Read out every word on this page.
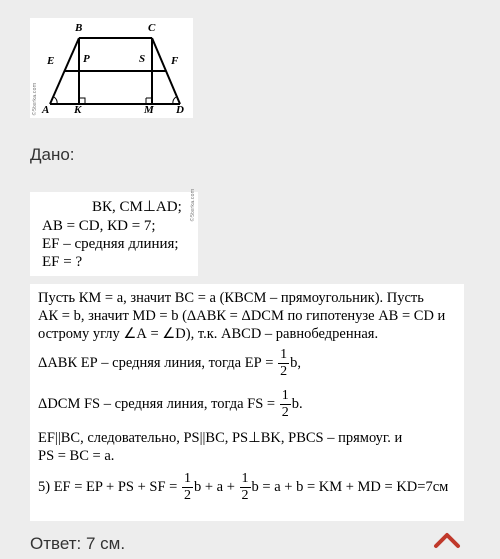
B	C
E	P	S F
A K	M D
©5terka.com
Дано:
ВК, СМ⊥АD;
АВ = СD, КD = 7;
EF – средняя длиния;
EF = ?
©5terka.com
Пусть КМ = а, значит ВС = а (КВСМ – прямоугольник). Пусть
АК = b, значит МD = b (ΔАВК = ΔDСМ по гипотенузе АВ = CD и
острому углу ∠А = ∠D), т.к. АВСD – равнобедренная.
ΔАВК ЕР – средняя линия, тогда ЕР = $\frac{1}{2} b$,
ΔDСМ FS – средняя линия, тогда FS = $\frac{1}{2} b$.
EF||BC, следовательно, PS||BC, PS⊥BK, PBCS – прямоуг. и
PS = BC = a.
5) EF = EP + PS + SF = $\frac{1}{2}$ $b + a + \frac{1}{2}$ b = a + b = KM + MD = KD=7см
Ответ: 7 см.
